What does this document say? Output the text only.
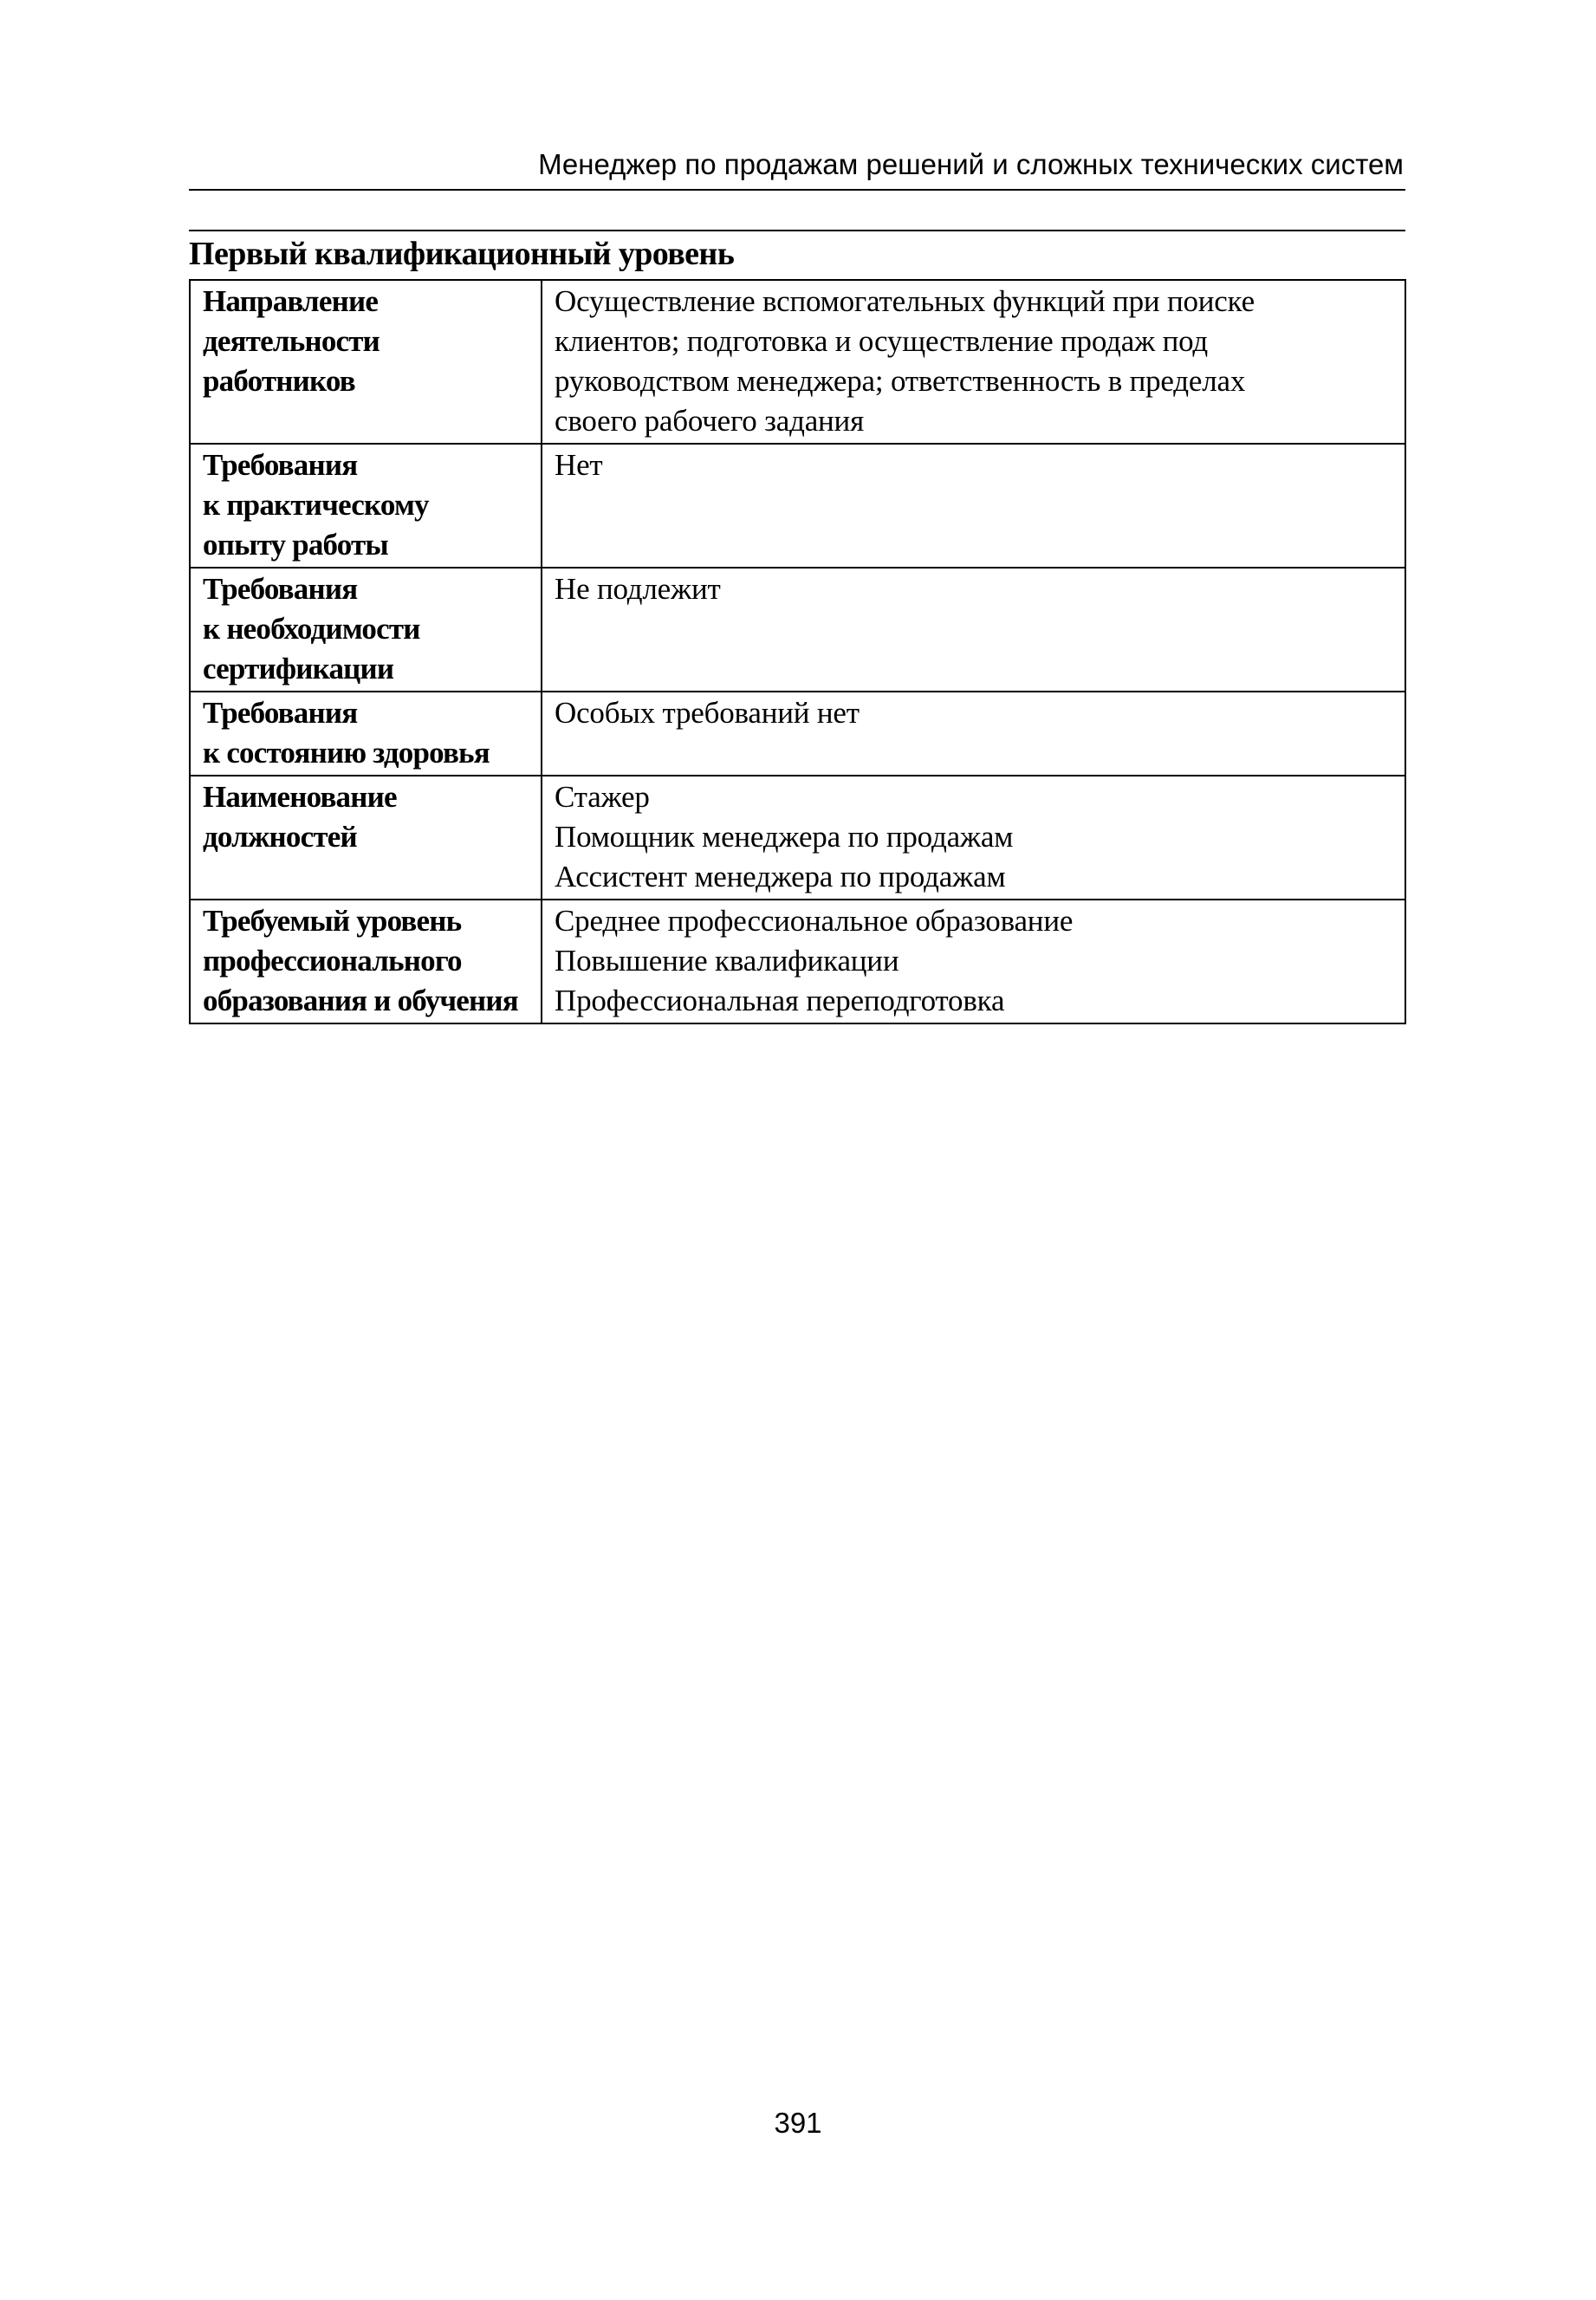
Менеджер по продажам решений и сложных технических систем
Первый квалификационный уровень
Направление
деятельности
работников	Осуществление вспомогательных функций при поиске
клиентов; подготовка и осуществление продаж под
руководством менеджера; ответственность в пределах
своего рабочего задания

Требования
к практическому
опыту работы	Нет

Требования
к необходимости
сертификации	Не подлежит

Требования
к состоянию здоровья	Особых требований нет

Наименование
должностей	Стажер
Помощник менеджера по продажам
Ассистент менеджера по продажам

Требуемый уровень
профессионального
образования и обучения	Среднее профессиональное образование
Повышение квалификации
Профессиональная переподготовка
391
